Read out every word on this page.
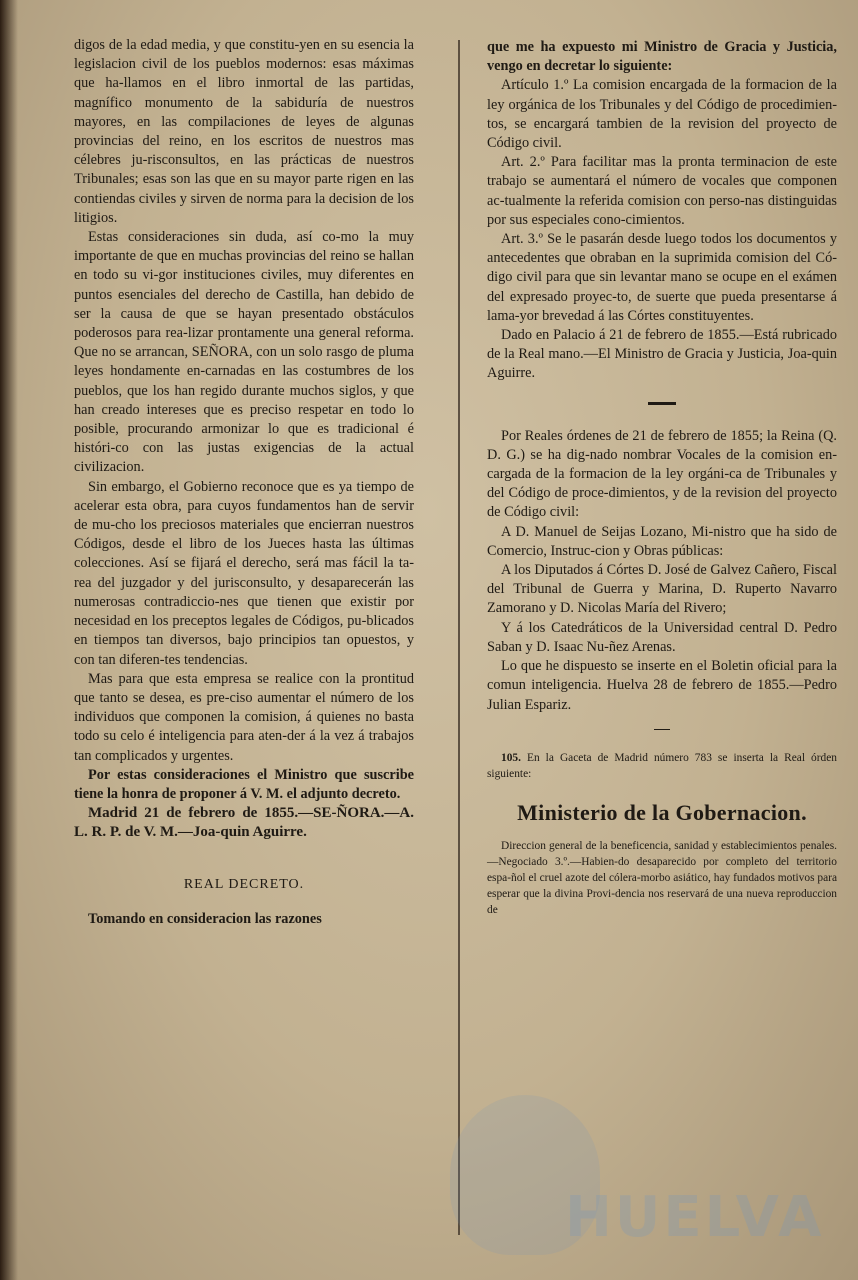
digos de la edad media, y que constitu-yen en su esencia la legislacion civil de los pueblos modernos: esas máximas que ha-llamos en el libro inmortal de las partidas, magnífico monumento de la sabiduría de nuestros mayores, en las compilaciones de leyes de algunas provincias del reino, en los escritos de nuestros mas célebres ju-risconsultos, en las prácticas de nuestros Tribunales; esas son las que en su mayor parte rigen en las contiendas civiles y sirven de norma para la decision de los litigios.

Estas consideraciones sin duda, así co-mo la muy importante de que en muchas provincias del reino se hallan en todo su vi-gor instituciones civiles, muy diferentes en puntos esenciales del derecho de Castilla, han debido de ser la causa de que se hayan presentado obstáculos poderosos para rea-lizar prontamente una general reforma. Que no se arrancan, SEÑORA, con un solo rasgo de pluma leyes hondamente en-carnadas en las costumbres de los pueblos, que los han regido durante muchos siglos, y que han creado intereses que es preciso respetar en todo lo posible, procurando armonizar lo que es tradicional é históri-co con las justas exigencias de la actual civilizacion.

Sin embargo, el Gobierno reconoce que es ya tiempo de acelerar esta obra, para cuyos fundamentos han de servir de mu-cho los preciosos materiales que encierran nuestros Códigos, desde el libro de los Jueces hasta las últimas colecciones. Así se fijará el derecho, será mas fácil la ta-rea del juzgador y del jurisconsulto, y desaparecerán las numerosas contradiccio-nes que tienen que existir por necesidad en los preceptos legales de Códigos, pu-blicados en tiempos tan diversos, bajo principios tan opuestos, y con tan diferen-tes tendencias.

Mas para que esta empresa se realice con la prontitud que tanto se desea, es pre-ciso aumentar el número de los individuos que componen la comision, á quienes no basta todo su celo é inteligencia para aten-der á la vez á trabajos tan complicados y urgentes.

Por estas consideraciones el Ministro que suscribe tiene la honra de proponer á V. M. el adjunto decreto.

Madrid 21 de febrero de 1855.—SE-ÑORA.—A. L. R. P. de V. M.—Joa-quin Aguirre.

REAL DECRETO.

Tomando en consideracion las razones

que me ha expuesto mi Ministro de Gracia y Justicia, vengo en decretar lo siguiente:

Artículo 1.º La comision encargada de la formacion de la ley orgánica de los Tribunales y del Código de procedimien-tos, se encargará tambien de la revision del proyecto de Código civil.

Art. 2.º Para facilitar mas la pronta terminacion de este trabajo se aumentará el número de vocales que componen ac-tualmente la referida comision con perso-nas distinguidas por sus especiales cono-cimientos.

Art. 3.º Se le pasarán desde luego todos los documentos y antecedentes que obraban en la suprimida comision del Có-digo civil para que sin levantar mano se ocupe en el exámen del expresado proyec-to, de suerte que pueda presentarse á lama-yor brevedad á las Córtes constituyentes.

Dado en Palacio á 21 de febrero de 1855.—Está rubricado de la Real mano.—El Ministro de Gracia y Justicia, Joa-quin Aguirre.

Por Reales órdenes de 21 de febrero de 1855; la Reina (Q. D. G.) se ha dig-nado nombrar Vocales de la comision en-cargada de la formacion de la ley orgáni-ca de Tribunales y del Código de proce-dimientos, y de la revision del proyecto de Código civil:

A D. Manuel de Seijas Lozano, Mi-nistro que ha sido de Comercio, Instruc-cion y Obras públicas:

A los Diputados á Córtes D. José de Galvez Cañero, Fiscal del Tribunal de Guerra y Marina, D. Ruperto Navarro Zamorano y D. Nicolas María del Rivero;

Y á los Catedráticos de la Universidad central D. Pedro Saban y D. Isaac Nu-ñez Arenas.

Lo que he dispuesto se inserte en el Boletin oficial para la comun inteligencia. Huelva 28 de febrero de 1855.—Pedro Julian Espariz.

105. En la Gaceta de Madrid número 783 se inserta la Real órden siguiente:

Ministerio de la Gobernacion.

Direccion general de la beneficencia, sanidad y establecimientos penales.—Negociado 3.º.—Habien-do desaparecido por completo del territorio espa-ñol el cruel azote del cólera-morbo asiático, hay fundados motivos para esperar que la divina Provi-dencia nos reservará de una nueva reproduccion de

HUELVA
